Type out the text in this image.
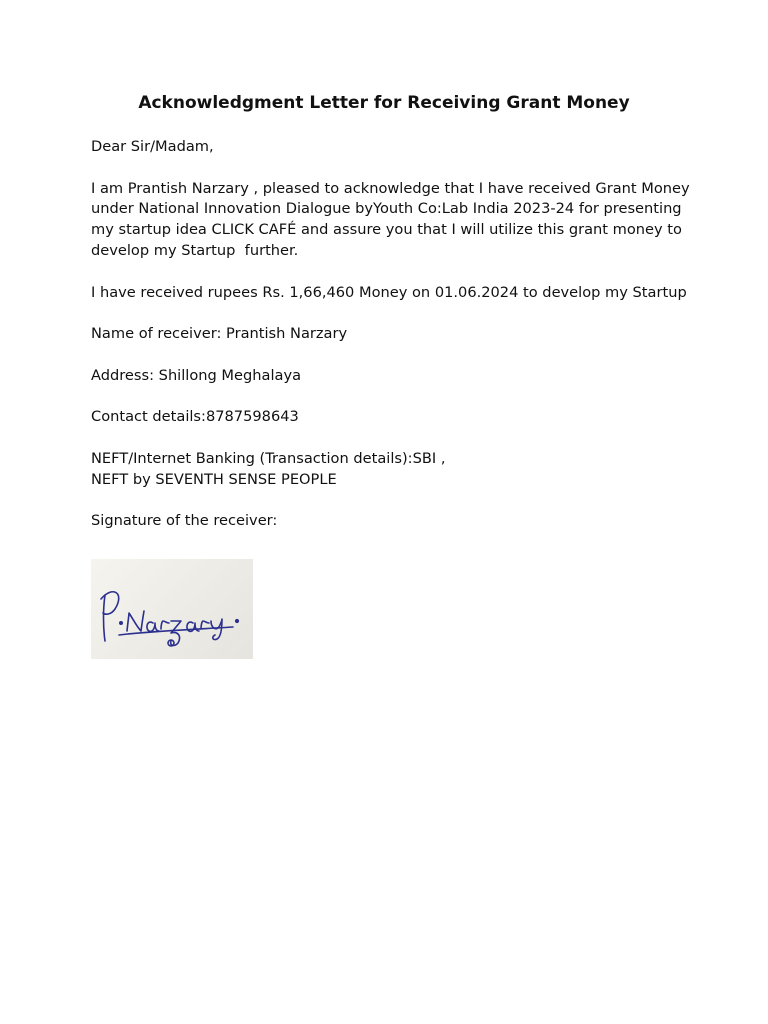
Acknowledgment Letter for Receiving Grant Money

Dear Sir/Madam,

I am Prantish Narzary , pleased to acknowledge that I have received Grant Money under National Innovation Dialogue byYouth Co:Lab India 2023-24 for presenting my startup idea CLICK CAFÉ and assure you that I will utilize this grant money to develop my Startup  further.

I have received rupees Rs. 1,66,460 Money on 01.06.2024 to develop my Startup

Name of receiver: Prantish Narzary

Address: Shillong Meghalaya

Contact details:8787598643

NEFT/Internet Banking (Transaction details):SBI ,

NEFT by SEVENTH SENSE PEOPLE

Signature of the receiver:
